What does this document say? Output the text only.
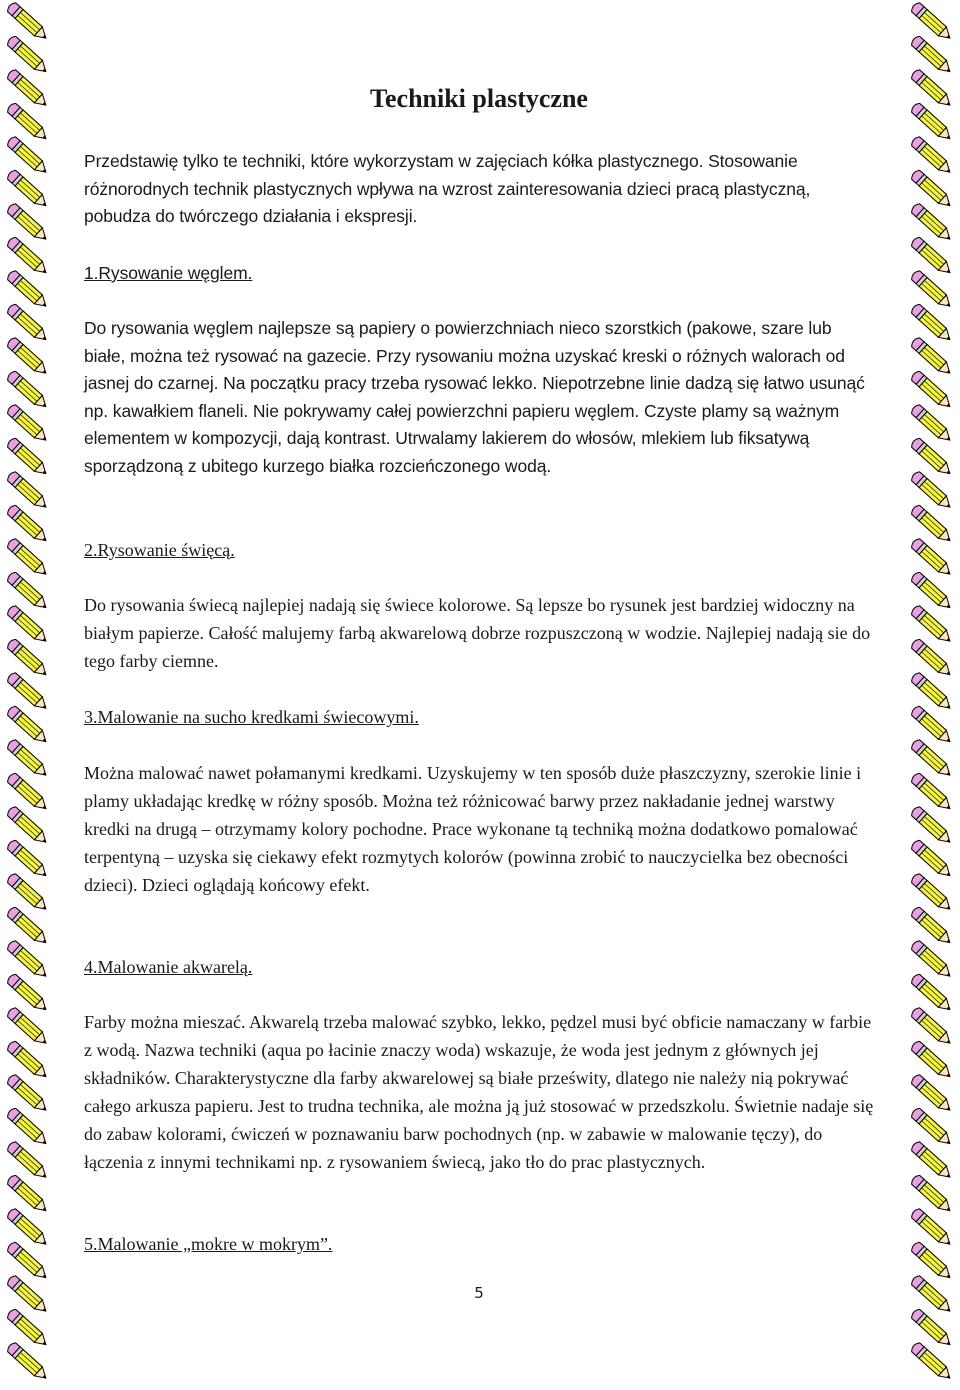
Techniki plastyczne

Przedstawię tylko te techniki, które wykorzystam w zajęciach kółka plastycznego. Stosowanie różnorodnych technik plastycznych wpływa na wzrost zainteresowania dzieci pracą plastyczną, pobudza do twórczego działania i ekspresji.

1.Rysowanie węglem.

Do rysowania węglem najlepsze są papiery o powierzchniach nieco szorstkich (pakowe, szare lub białe, można też rysować na gazecie. Przy rysowaniu można uzyskać kreski o różnych walorach od jasnej do czarnej. Na początku pracy trzeba rysować lekko. Niepotrzebne linie dadzą się łatwo usunąć np. kawałkiem flaneli. Nie pokrywamy całej powierzchni papieru węglem. Czyste plamy są ważnym elementem w kompozycji, dają kontrast. Utrwalamy lakierem do włosów, mlekiem lub fiksatywą sporządzoną z ubitego kurzego białka rozcieńczonego wodą.

2.Rysowanie święcą.

Do rysowania świecą najlepiej nadają się świece kolorowe. Są lepsze bo rysunek jest bardziej widoczny na białym papierze. Całość malujemy farbą akwarelową dobrze rozpuszczoną w wodzie. Najlepiej nadają sie do tego farby ciemne.

3.Malowanie na sucho kredkami świecowymi.

Można malować nawet połamanymi kredkami. Uzyskujemy w ten sposób duże płaszczyzny, szerokie linie i plamy układając kredkę w różny sposób. Można też różnicować barwy przez nakładanie jednej warstwy kredki na drugą – otrzymamy kolory pochodne. Prace wykonane tą techniką można dodatkowo pomalować terpentyną – uzyska się ciekawy efekt rozmytych kolorów (powinna zrobić to nauczycielka bez obecności dzieci). Dzieci oglądają końcowy efekt.

4.Malowanie akwarelą.

Farby można mieszać. Akwarelą trzeba malować szybko, lekko, pędzel musi być obficie namaczany w farbie z wodą. Nazwa techniki (aqua po łacinie znaczy woda) wskazuje, że woda jest jednym z głównych jej składników. Charakterystyczne dla farby akwarelowej są białe prześwity, dlatego nie należy nią pokrywać całego arkusza papieru. Jest to trudna technika, ale można ją już stosować w przedszkolu. Świetnie nadaje się do zabaw kolorami, ćwiczeń w poznawaniu barw pochodnych (np. w zabawie w malowanie tęczy), do łączenia z innymi technikami np. z rysowaniem świecą, jako tło do prac plastycznych.

5.Malowanie „mokre w mokrym”.

5
